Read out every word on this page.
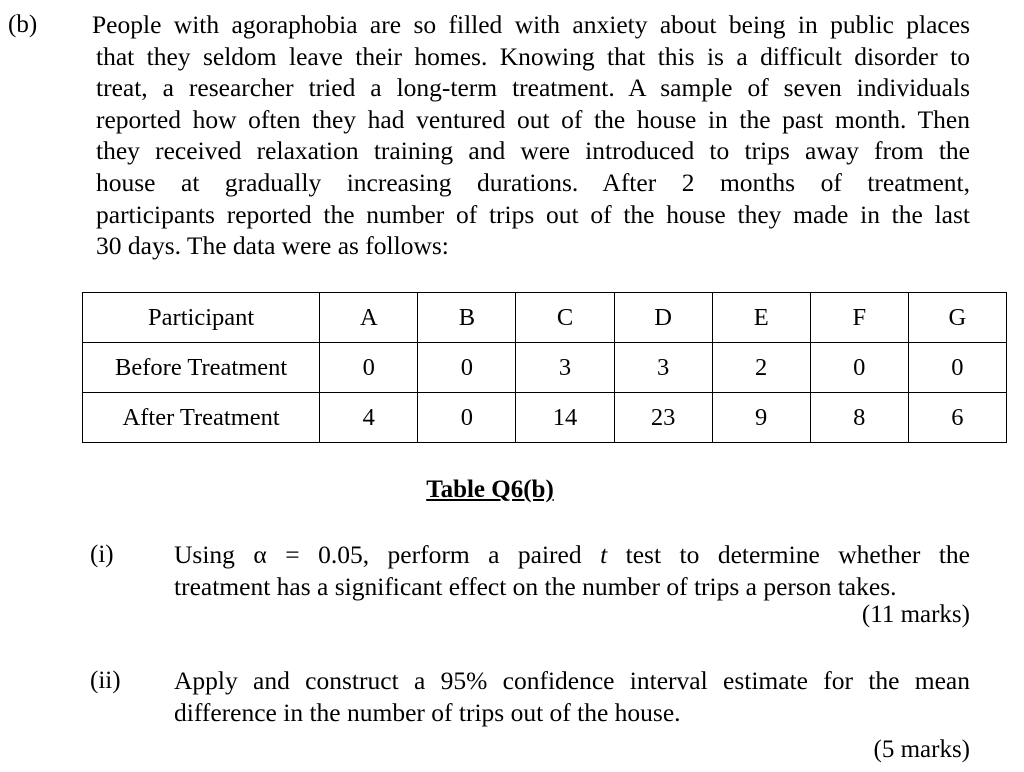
(b) People with agoraphobia are so filled with anxiety about being in public places
that they seldom leave their homes. Knowing that this is a difficult disorder to
treat, a researcher tried a long-term treatment. A sample of seven individuals
reported how often they had ventured out of the house in the past month. Then
they received relaxation training and were introduced to trips away from the
house at gradually increasing durations. After 2 months of treatment,
participants reported the number of trips out of the house they made in the last
30 days. The data were as follows:
Participant	A	B	C	D	E	F	G
Before Treatment	0	0	3	3	2	0	0
After Treatment	4	0	14	23	9	8	6
Table Q6(b)
(i) Using α = 0.05, perform a paired t test to determine whether the
treatment has a significant effect on the number of trips a person takes.
(11 marks)
(ii) Apply and construct a 95% confidence interval estimate for the mean
difference in the number of trips out of the house.
(5 marks)
